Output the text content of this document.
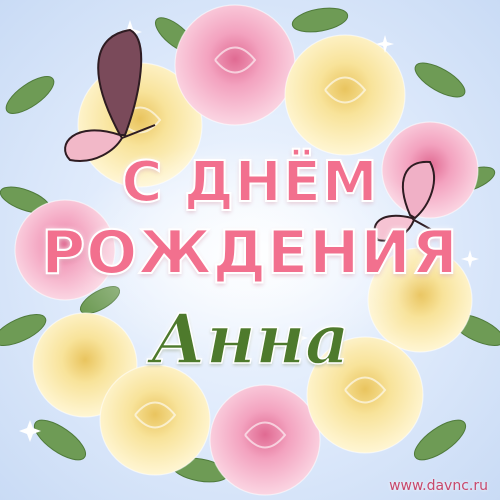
С ДНЁМ
РОЖДЕНИЯ
Анна
www.davnc.ru
